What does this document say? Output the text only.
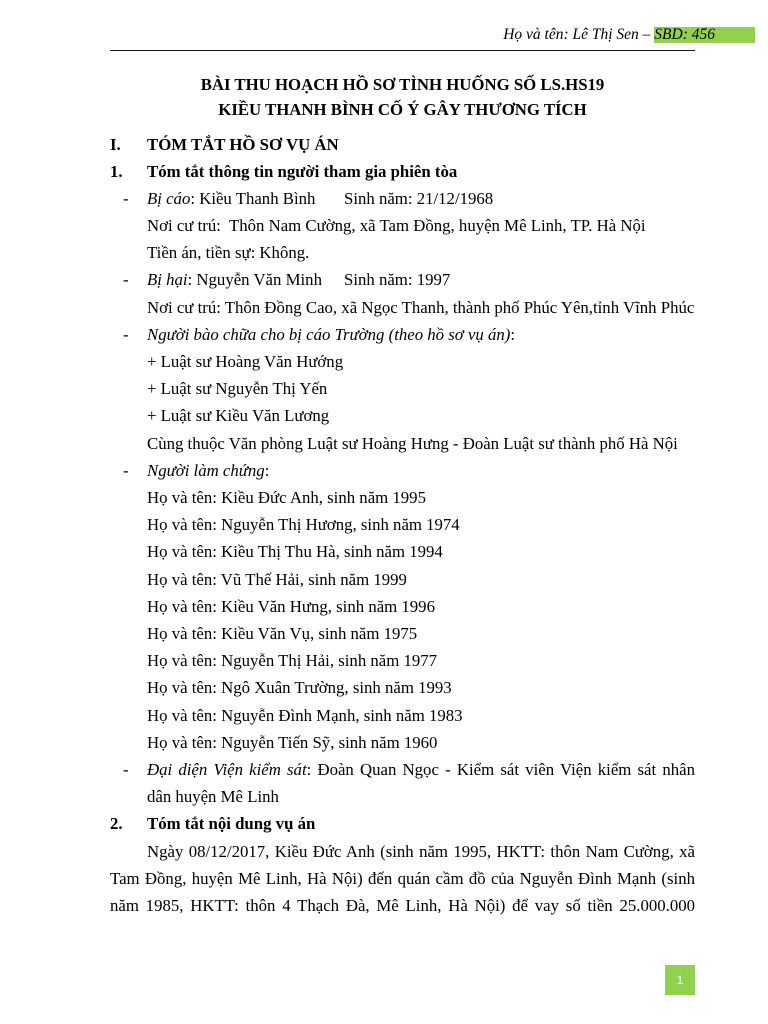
Họ và tên: Lê Thị Sen – SBD: 456
BÀI THU HOẠCH HỒ SƠ TÌNH HUỐNG SỐ LS.HS19
KIỀU THANH BÌNH CỐ Ý GÂY THƯƠNG TÍCH
I. TÓM TẮT HỒ SƠ VỤ ÁN
1. Tóm tắt thông tin người tham gia phiên tòa
- Bị cáo: Kiều Thanh Bình Sinh năm: 21/12/1968
Nơi cư trú:  Thôn Nam Cường, xã Tam Đồng, huyện Mê Linh, TP. Hà Nội
Tiền án, tiền sự: Không.
- Bị hại: Nguyễn Văn Minh Sinh năm: 1997
Nơi cư trú: Thôn Đồng Cao, xã Ngọc Thanh, thành phố Phúc Yên,tỉnh Vĩnh Phúc
- Người bào chữa cho bị cáo Trường (theo hồ sơ vụ án):
+ Luật sư Hoàng Văn Hướng
+ Luật sư Nguyễn Thị Yến
+ Luật sư Kiều Văn Lương
Cùng thuộc Văn phòng Luật sư Hoàng Hưng - Đoàn Luật sư thành phố Hà Nội
- Người làm chứng:
Họ và tên: Kiều Đức Anh, sinh năm 1995
Họ và tên: Nguyễn Thị Hương, sinh năm 1974
Họ và tên: Kiều Thị Thu Hà, sinh năm 1994
Họ và tên: Vũ Thế Hải, sinh năm 1999
Họ và tên: Kiều Văn Hưng, sinh năm 1996
Họ và tên: Kiều Văn Vụ, sinh năm 1975
Họ và tên: Nguyễn Thị Hải, sinh năm 1977
Họ và tên: Ngô Xuân Trường, sinh năm 1993
Họ và tên: Nguyễn Đình Mạnh, sinh năm 1983
Họ và tên: Nguyễn Tiến Sỹ, sinh năm 1960
- Đại diện Viện kiểm sát: Đoàn Quan Ngọc - Kiểm sát viên Viện kiểm sát nhân
dân huyện Mê Linh
2. Tóm tắt nội dung vụ án
Ngày 08/12/2017, Kiều Đức Anh (sinh năm 1995, HKTT: thôn Nam Cường, xã
Tam Đồng, huyện Mê Linh, Hà Nội) đến quán cầm đồ của Nguyễn Đình Mạnh (sinh
năm 1985, HKTT: thôn 4 Thạch Đà, Mê Linh, Hà Nội) để vay số tiền 25.000.000
1
